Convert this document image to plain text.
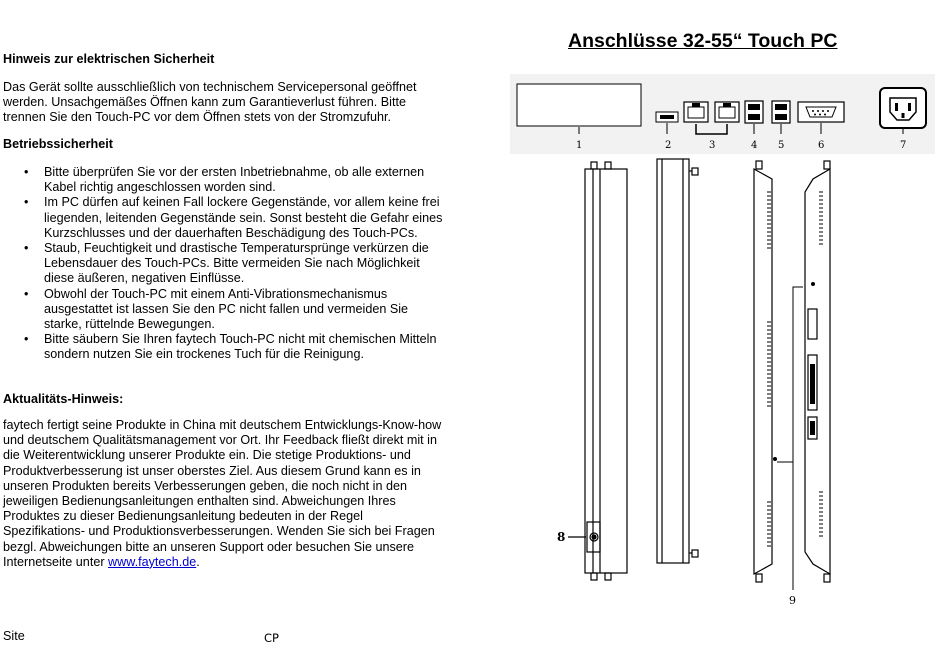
Hinweis zur elektrischen Sicherheit

Das Gerät sollte ausschließlich von technischem Servicepersonal geöffnet werden. Unsachgemäßes Öffnen kann zum Garantieverlust führen. Bitte trennen Sie den Touch-PC vor dem Öffnen stets von der Stromzufuhr.

Betriebssicherheit

• Bitte überprüfen Sie vor der ersten Inbetriebnahme, ob alle externen Kabel richtig angeschlossen worden sind.
• Im PC dürfen auf keinen Fall lockere Gegenstände, vor allem keine frei liegenden, leitenden Gegenstände sein. Sonst besteht die Gefahr eines Kurzschlusses und der dauerhaften Beschädigung des Touch-PCs.
• Staub, Feuchtigkeit und drastische Temperatursprünge verkürzen die Lebensdauer des Touch-PCs. Bitte vermeiden Sie nach Möglichkeit diese äußeren, negativen Einflüsse.
• Obwohl der Touch-PC mit einem Anti-Vibrationsmechanismus ausgestattet ist lassen Sie den PC nicht fallen und vermeiden Sie starke, rüttelnde Bewegungen.
• Bitte säubern Sie Ihren faytech Touch-PC nicht mit chemischen Mitteln sondern nutzen Sie ein trockenes Tuch für die Reinigung.

Aktualitäts-Hinweis:

faytech fertigt seine Produkte in China mit deutschem Entwicklungs-Know-how und deutschem Qualitätsmanagement vor Ort. Ihr Feedback fließt direkt mit in die Weiterentwicklung unserer Produkte ein. Die stetige Produktions- und Produktverbesserung ist unser oberstes Ziel. Aus diesem Grund kann es in unseren Produkten bereits Verbesserungen geben, die noch nicht in den jeweiligen Bedienungsanleitungen enthalten sind. Abweichungen Ihres Produktes zu dieser Bedienungsanleitung bedeuten in der Regel Spezifikations- und Produktionsverbesserungen. Wenden Sie sich bei Fragen bezgl. Abweichungen bitte an unseren Support oder besuchen Sie unsere Internetseite unter www.faytech.de.

Site	CP
Anschlüsse 32-55“ Touch PC
1	2	3	4 5	6	7
8
9
